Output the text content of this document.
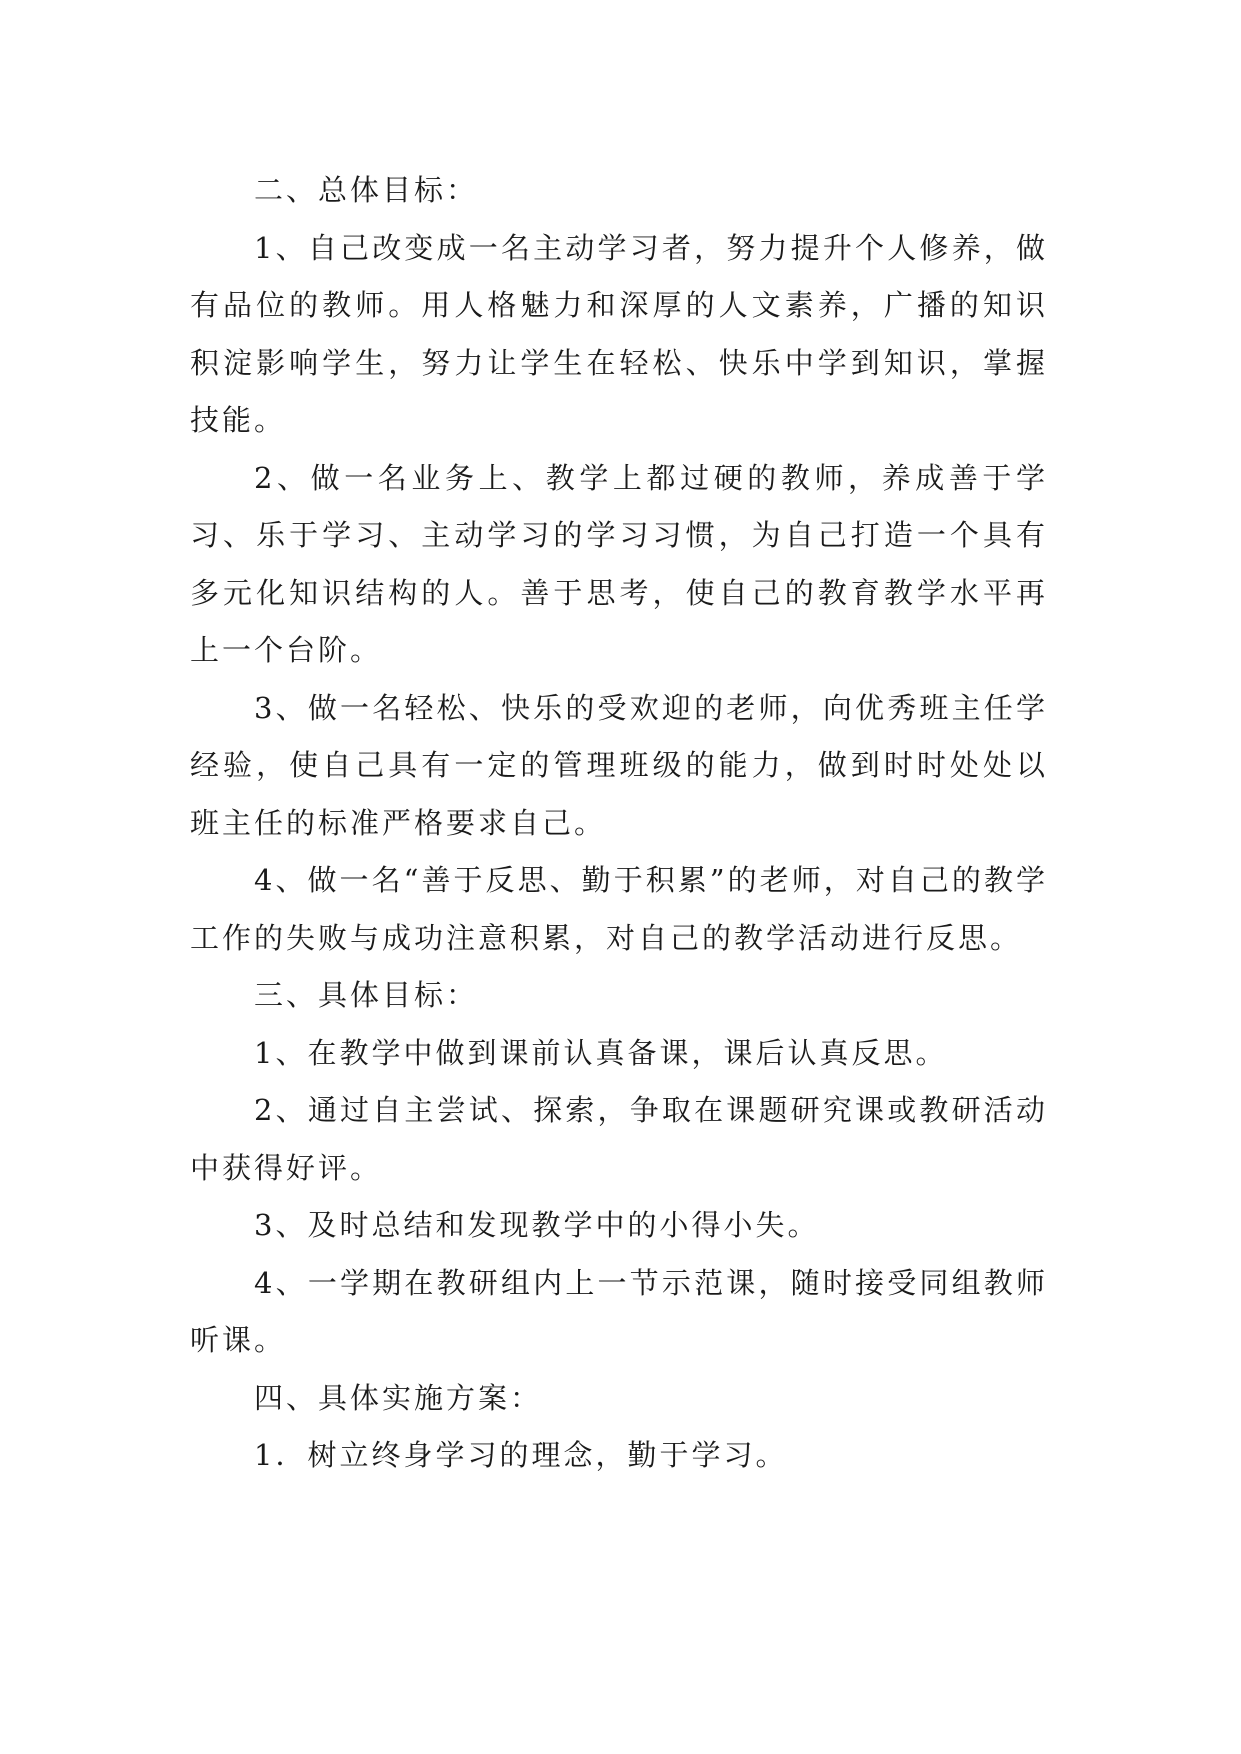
二、总体目标：

1、自己改变成一名主动学习者，努力提升个人修养，做有品位的教师。用人格魅力和深厚的人文素养，广播的知识积淀影响学生，努力让学生在轻松、快乐中学到知识，掌握技能。

2、做一名业务上、教学上都过硬的教师，养成善于学习、乐于学习、主动学习的学习习惯，为自己打造一个具有多元化知识结构的人。善于思考，使自己的教育教学水平再上一个台阶。

3、做一名轻松、快乐的受欢迎的老师，向优秀班主任学经验，使自己具有一定的管理班级的能力，做到时时处处以班主任的标准严格要求自己。

4、做一名“善于反思、勤于积累”的老师，对自己的教学工作的失败与成功注意积累，对自己的教学活动进行反思。

三、具体目标：

1、在教学中做到课前认真备课，课后认真反思。

2、通过自主尝试、探索，争取在课题研究课或教研活动中获得好评。

3、及时总结和发现教学中的小得小失。

4、一学期在教研组内上一节示范课，随时接受同组教师听课。

四、具体实施方案：

1．树立终身学习的理念，勤于学习。
